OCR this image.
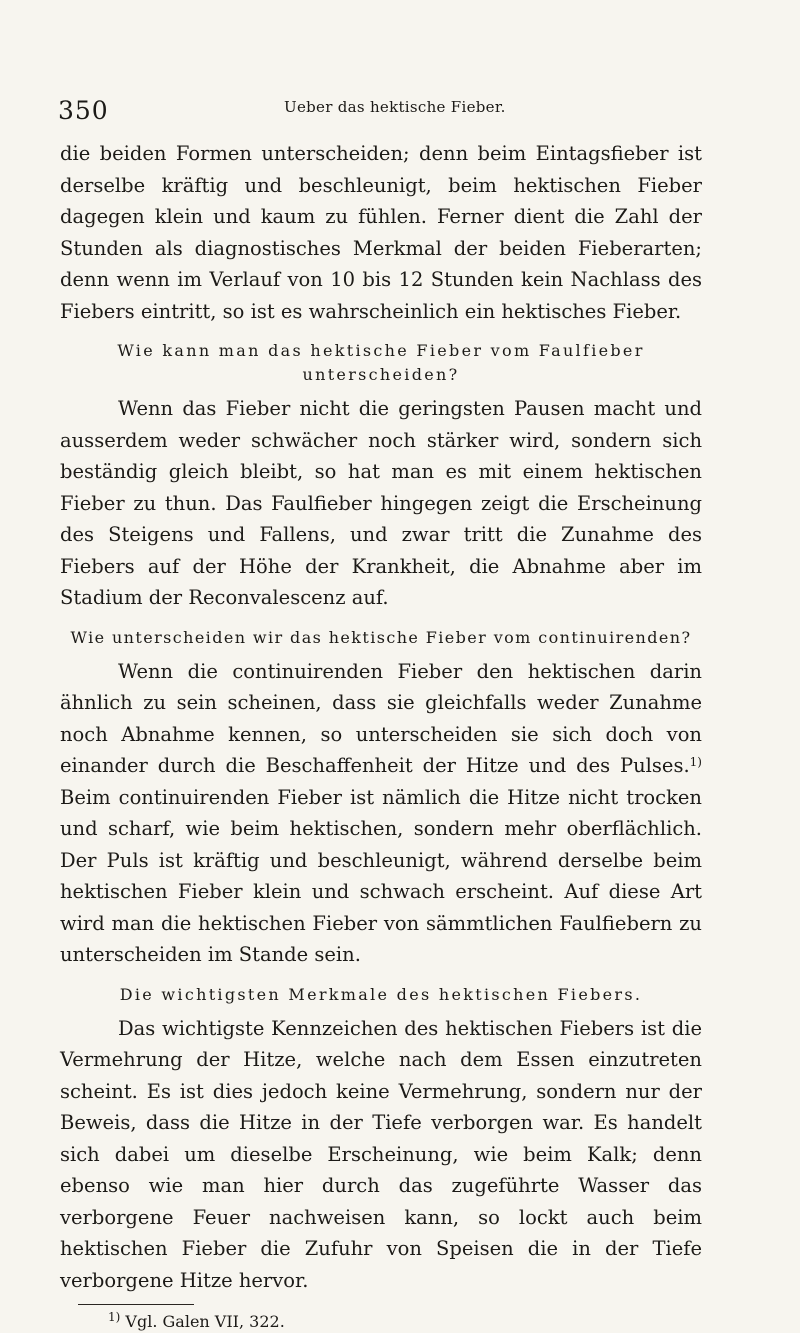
350	Ueber das hektische Fieber.

die beiden Formen unterscheiden; denn beim Eintagsfieber ist derselbe kräftig und beschleunigt, beim hektischen Fieber dagegen klein und kaum zu fühlen. Ferner dient die Zahl der Stunden als diagnostisches Merkmal der beiden Fieberarten; denn wenn im Verlauf von 10 bis 12 Stunden kein Nachlass des Fiebers eintritt, so ist es wahrscheinlich ein hektisches Fieber.

Wie kann man das hektische Fieber vom Faulfieber unterscheiden?

Wenn das Fieber nicht die geringsten Pausen macht und ausserdem weder schwächer noch stärker wird, sondern sich beständig gleich bleibt, so hat man es mit einem hektischen Fieber zu thun. Das Faulfieber hingegen zeigt die Erscheinung des Steigens und Fallens, und zwar tritt die Zunahme des Fiebers auf der Höhe der Krankheit, die Abnahme aber im Stadium der Reconvalescenz auf.

Wie unterscheiden wir das hektische Fieber vom continuirenden?

Wenn die continuirenden Fieber den hektischen darin ähnlich zu sein scheinen, dass sie gleichfalls weder Zunahme noch Abnahme kennen, so unterscheiden sie sich doch von einander durch die Beschaffenheit der Hitze und des Pulses.$^{1)}$ Beim continuirenden Fieber ist nämlich die Hitze nicht trocken und scharf, wie beim hektischen, sondern mehr oberflächlich. Der Puls ist kräftig und beschleunigt, während derselbe beim hektischen Fieber klein und schwach erscheint. Auf diese Art wird man die hektischen Fieber von sämmtlichen Faulfiebern zu unterscheiden im Stande sein.

Die wichtigsten Merkmale des hektischen Fiebers.

Das wichtigste Kennzeichen des hektischen Fiebers ist die Vermehrung der Hitze, welche nach dem Essen einzutreten scheint. Es ist dies jedoch keine Vermehrung, sondern nur der Beweis, dass die Hitze in der Tiefe verborgen war. Es handelt sich dabei um dieselbe Erscheinung, wie beim Kalk; denn ebenso wie man hier durch das zugeführte Wasser das verborgene Feuer nachweisen kann, so lockt auch beim hektischen Fieber die Zufuhr von Speisen die in der Tiefe verborgene Hitze hervor.

$^{1)}$ Vgl. Galen VII, 322.
